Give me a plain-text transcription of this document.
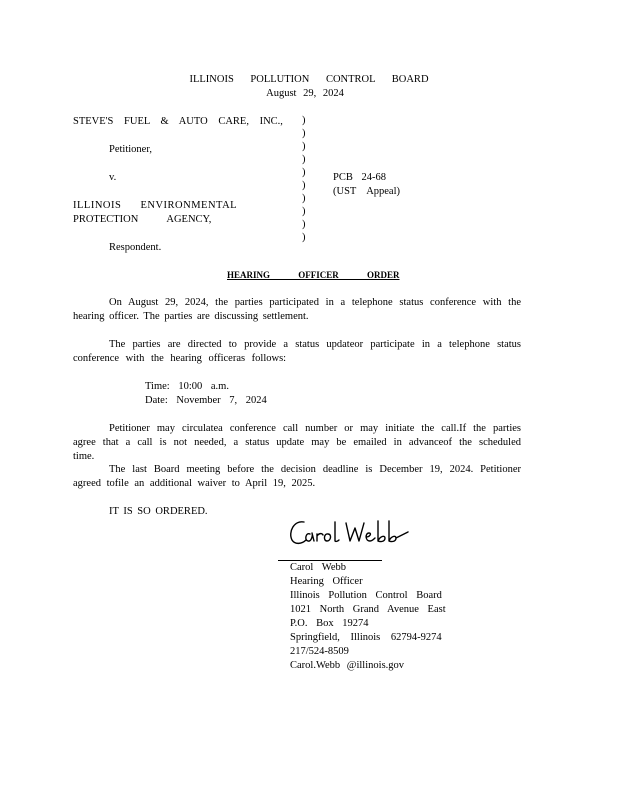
ILLINOIS POLLUTION CONTROL BOARD
August 29, 2024
STEVE'S FUEL & AUTO CARE, INC.,
Petitioner,
v.
ILLINOIS ENVIRONMENTAL
PROTECTION AGENCY,
Respondent.
)
)
)
)
)
)
)
)
)
)
PCB 24-68
(UST Appeal)
HEARING OFFICER ORDER
On August 29, 2024, the parties participated in a telephone status conference with the hearing officer. The parties are discussing settlement.
The parties are directed to provide a status updateor participate in a telephone status conference with the hearing officeras follows:
Time: 10:00 a.m.
Date: November 7, 2024
Petitioner may circulatea conference call number or may initiate the call.If the parties agree that a call is not needed, a status update may be emailed in advanceof the scheduled time.
The last Board meeting before the decision deadline is December 19, 2024. Petitioner agreed tofile an additional waiver to April 19, 2025.
IT IS SO ORDERED.
Carol Webb
Hearing Officer
Illinois Pollution Control Board
1021 North Grand Avenue East
P.O. Box 19274
Springfield, Illinois 62794-9274
217/524-8509
Carol.Webb @illinois.gov
